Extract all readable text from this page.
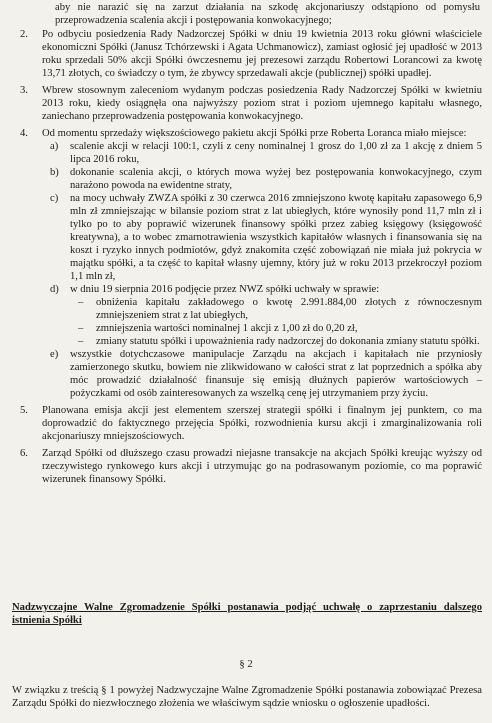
aby nie narazić się na zarzut działania na szkodę akcjonariuszy odstąpiono od pomysłu przeprowadzenia scalenia akcji i postępowania konwokacyjnego;
2. Po odbyciu posiedzenia Rady Nadzorczej Spółki w dniu 19 kwietnia 2013 roku główni właściciele ekonomiczni Spółki (Janusz Tchórzewski i Agata Uchmanowicz), zamiast ogłosić jej upadłość w 2013 roku sprzedali 50% akcji Spółki ówczesnemu jej prezesowi zarządu Robertowi Lorancowi za kwotę 13,71 złotych, co świadczy o tym, że zbywcy sprzedawali akcje (publicznej) spółki upadłej.
3. Wbrew stosownym zaleceniom wydanym podczas posiedzenia Rady Nadzorczej Spółki w kwietniu 2013 roku, kiedy osiągnęła ona najwyższy poziom strat i poziom ujemnego kapitału własnego, zaniechano przeprowadzenia postępowania konwokacyjnego.
4. Od momentu sprzedaży większościowego pakietu akcji Spółki prze Roberta Loranca miało miejsce:
a) scalenie akcji w relacji 100:1, czyli z ceny nominalnej 1 grosz do 1,00 zł za 1 akcję z dniem 5 lipca 2016 roku,
b) dokonanie scalenia akcji, o których mowa wyżej bez postępowania konwokacyjnego, czym narażono powoda na ewidentne straty,
c) na mocy uchwały ZWZA spółki z 30 czerwca 2016 zmniejszono kwotę kapitału zapasowego 6,9 mln zł zmniejszając w bilansie poziom strat z lat ubiegłych, które wynosiły pond 11,7 mln zł i tylko po to aby poprawić wizerunek finansowy spółki przez zabieg księgowy (księgowość kreatywna), a to wobec zmarnotrawienia wszystkich kapitałów własnych i finansowania się na koszt i ryzyko innych podmiotów, gdyż znakomita część zobowiązań nie miała już pokrycia w majątku spółki, a ta część to kapitał własny ujemny, który już w roku 2013 przekroczył poziom 1,1 mln zł,
d) w dniu 19 sierpnia 2016 podjęcie przez NWZ spółki uchwały w sprawie:
– obniżenia kapitału zakładowego o kwotę 2.991.884,00 złotych z równoczesnym zmniejszeniem strat z lat ubiegłych,
– zmniejszenia wartości nominalnej 1 akcji z 1,00 zł do 0,20 zł,
– zmiany statutu spółki i upoważnienia rady nadzorczej do dokonania zmiany statutu spółki.
e) wszystkie dotychczasowe manipulacje Zarządu na akcjach i kapitałach nie przyniosły zamierzonego skutku, bowiem nie zlikwidowano w całości strat z lat poprzednich a spółka aby móc prowadzić działalność finansuje się emisją dłużnych papierów wartościowych – pożyczkami od osób zainteresowanych za wszelką cenę jej utrzymaniem przy życiu.
5. Planowana emisja akcji jest elementem szerszej strategii spółki i finalnym jej punktem, co ma doprowadzić do faktycznego przejęcia Spółki, rozwodnienia kursu akcji i zmarginalizowania roli akcjonariuszy mniejszościowych.
6. Zarząd Spółki od dłuższego czasu prowadzi niejasne transakcje na akcjach Spółki kreując wyższy od rzeczywistego rynkowego kurs akcji i utrzymując go na podrasowanym poziomie, co ma poprawić wizerunek finansowy Spółki.
Nadzwyczajne Walne Zgromadzenie Spółki postanawia podjąć uchwałę o zaprzestaniu dalszego istnienia Spółki
§ 2
W związku z treścią § 1 powyżej Nadzwyczajne Walne Zgromadzenie Spółki postanawia zobowiązać Prezesa Zarządu Spółki do niezwłocznego złożenia we właściwym sądzie wniosku o ogłoszenie upadłości.
